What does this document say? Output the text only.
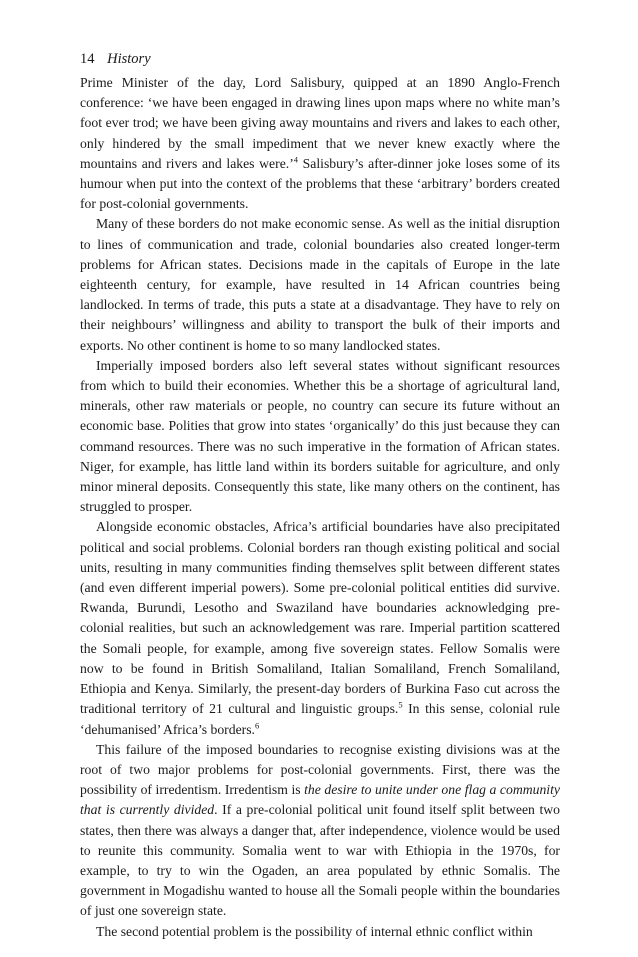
14 History

Prime Minister of the day, Lord Salisbury, quipped at an 1890 Anglo-French conference: ‘we have been engaged in drawing lines upon maps where no white man’s foot ever trod; we have been giving away mountains and rivers and lakes to each other, only hindered by the small impediment that we never knew exactly where the mountains and rivers and lakes were.’$^4$ Salisbury’s after-dinner joke loses some of its humour when put into the context of the problems that these ‘arbitrary’ borders created for post-colonial governments.

Many of these borders do not make economic sense. As well as the initial disruption to lines of communication and trade, colonial boundaries also created longer-term problems for African states. Decisions made in the capitals of Europe in the late eighteenth century, for example, have resulted in 14 African countries being landlocked. In terms of trade, this puts a state at a disadvantage. They have to rely on their neighbours’ willingness and ability to transport the bulk of their imports and exports. No other continent is home to so many landlocked states.

Imperially imposed borders also left several states without significant resources from which to build their economies. Whether this be a shortage of agricultural land, minerals, other raw materials or people, no country can secure its future without an economic base. Polities that grow into states ‘organically’ do this just because they can command resources. There was no such imperative in the formation of African states. Niger, for example, has little land within its borders suitable for agriculture, and only minor mineral deposits. Consequently this state, like many others on the continent, has struggled to prosper.

Alongside economic obstacles, Africa’s artificial boundaries have also precipitated political and social problems. Colonial borders ran though existing political and social units, resulting in many communities finding themselves split between different states (and even different imperial powers). Some pre-colonial political entities did survive. Rwanda, Burundi, Lesotho and Swaziland have boundaries acknowledging pre-colonial realities, but such an acknowledgement was rare. Imperial partition scattered the Somali people, for example, among five sovereign states. Fellow Somalis were now to be found in British Somaliland, Italian Somaliland, French Somaliland, Ethiopia and Kenya. Similarly, the present-day borders of Burkina Faso cut across the traditional territory of 21 cultural and linguistic groups.$^5$ In this sense, colonial rule ‘dehumanised’ Africa’s borders.$^6$

This failure of the imposed boundaries to recognise existing divisions was at the root of two major problems for post-colonial governments. First, there was the possibility of irredentism. Irredentism is the desire to unite under one flag a community that is currently divided. If a pre-colonial political unit found itself split between two states, then there was always a danger that, after independence, violence would be used to reunite this community. Somalia went to war with Ethiopia in the 1970s, for example, to try to win the Ogaden, an area populated by ethnic Somalis. The government in Mogadishu wanted to house all the Somali people within the boundaries of just one sovereign state.

The second potential problem is the possibility of internal ethnic conflict within
